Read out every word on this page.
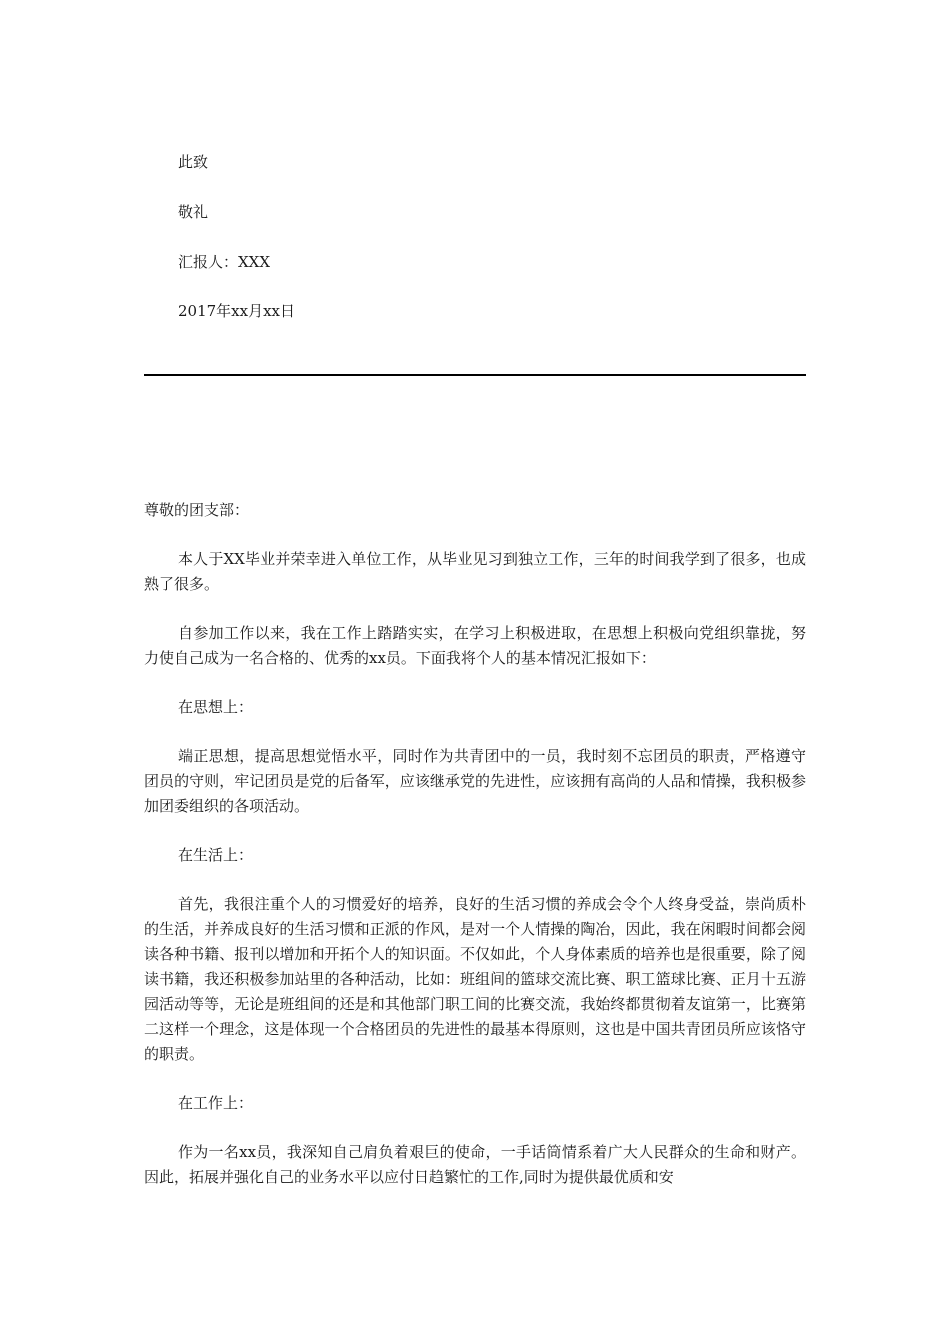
此致
敬礼
汇报人：XXX
2017年xx月xx日

尊敬的团支部：

本人于XX毕业并荣幸进入单位工作，从毕业见习到独立工作，三年的时间我学到了很多，也成熟了很多。

自参加工作以来，我在工作上踏踏实实，在学习上积极进取，在思想上积极向党组织靠拢，努力使自己成为一名合格的、优秀的xx员。下面我将个人的基本情况汇报如下：

在思想上：

端正思想，提高思想觉悟水平，同时作为共青团中的一员，我时刻不忘团员的职责，严格遵守团员的守则，牢记团员是党的后备军，应该继承党的先进性，应该拥有高尚的人品和情操，我积极参加团委组织的各项活动。

在生活上：

首先，我很注重个人的习惯爱好的培养，良好的生活习惯的养成会令个人终身受益，崇尚质朴的生活，并养成良好的生活习惯和正派的作风，是对一个人情操的陶冶，因此，我在闲暇时间都会阅读各种书籍、报刊以增加和开拓个人的知识面。不仅如此，个人身体素质的培养也是很重要，除了阅读书籍，我还积极参加站里的各种活动，比如：班组间的篮球交流比赛、职工篮球比赛、正月十五游园活动等等，无论是班组间的还是和其他部门职工间的比赛交流，我始终都贯彻着友谊第一，比赛第二这样一个理念，这是体现一个合格团员的先进性的最基本得原则，这也是中国共青团员所应该恪守的职责。

在工作上：

作为一名xx员，我深知自己肩负着艰巨的使命，一手话筒情系着广大人民群众的生命和财产。因此，拓展并强化自己的业务水平以应付日趋繁忙的工作,同时为提供最优质和安
